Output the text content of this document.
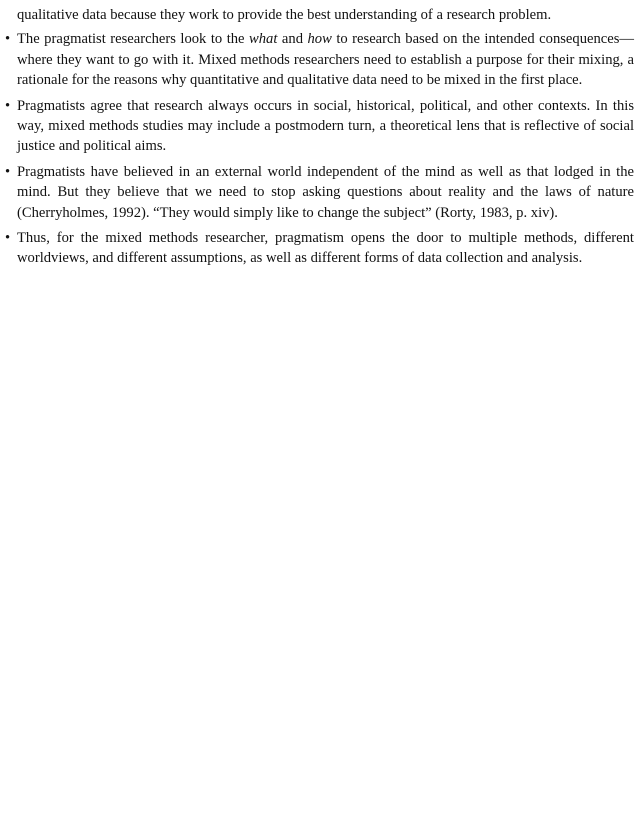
qualitative data because they work to provide the best understanding of a research problem.

• The pragmatist researchers look to the what and how to research based on the intended consequences—where they want to go with it. Mixed methods researchers need to establish a purpose for their mixing, a rationale for the reasons why quantitative and qualitative data need to be mixed in the first place.

• Pragmatists agree that research always occurs in social, historical, political, and other contexts. In this way, mixed methods studies may include a postmodern turn, a theoretical lens that is reflective of social justice and political aims.

• Pragmatists have believed in an external world independent of the mind as well as that lodged in the mind. But they believe that we need to stop asking questions about reality and the laws of nature (Cherryholmes, 1992). “They would simply like to change the subject” (Rorty, 1983, p. xiv).

• Thus, for the mixed methods researcher, pragmatism opens the door to multiple methods, different worldviews, and different assumptions, as well as different forms of data collection and analysis.
